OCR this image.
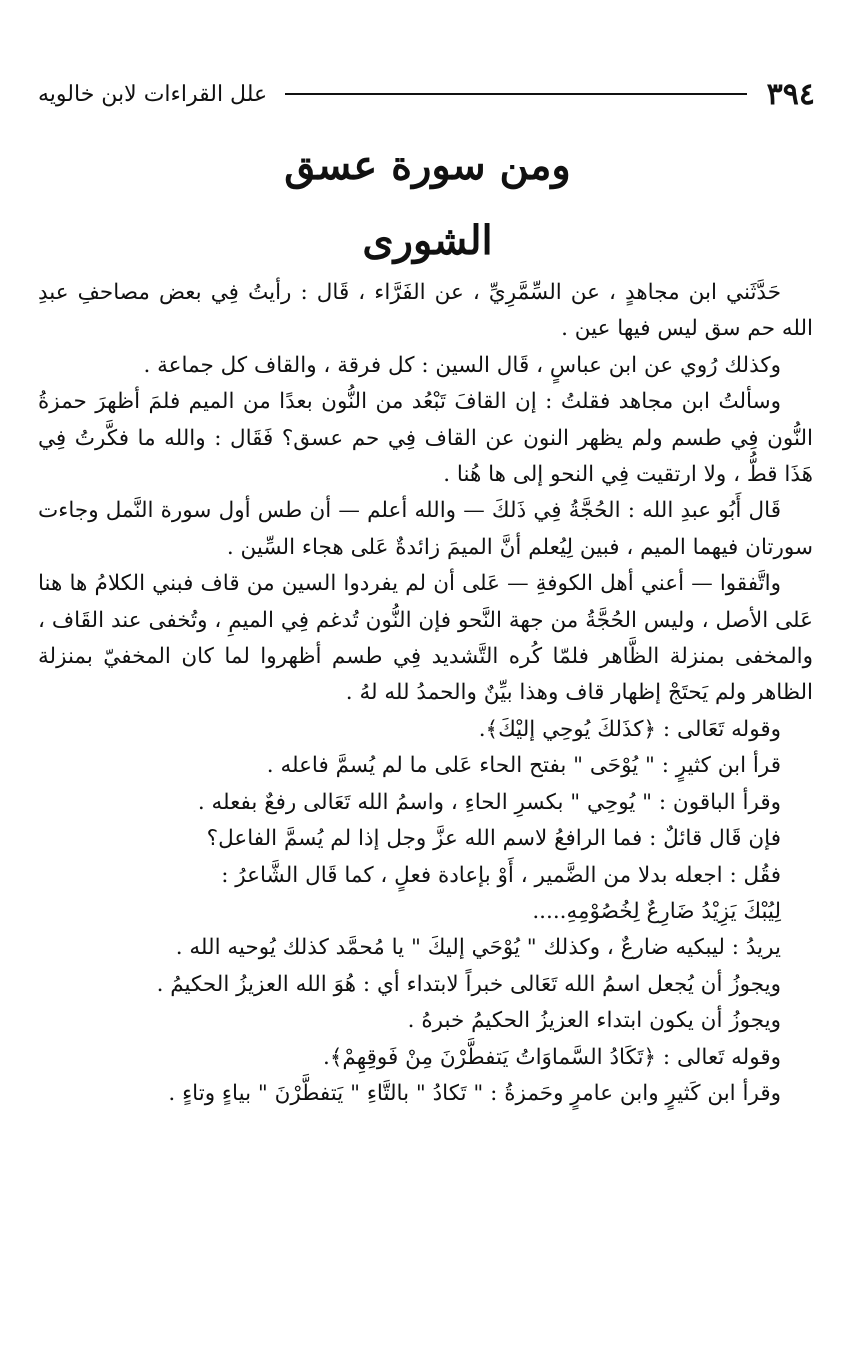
٣٩٤
علل القراءات لابن خالويه
ومن سورة عسق
الشورى

حَدَّثَني ابن مجاهدٍ ، عن السِّمَّرِيِّ ، عن الفَرَّاء ، قَال : رأيتُ فِي بعض مصاحفِ عبدِ الله حم سق ليس فيها عين .

وكذلك رُوي عن ابن عباسٍ ، قَال السين : كل فرقة ، والقاف كل جماعة .

وسألتُ ابن مجاهد فقلتُ : إن القافَ تَبْعُد من النُّون بعدًا من الميم فلمَ أظهرَ حمزةُ النُّون فِي طسم ولم يظهر النون عن القاف فِي حم عسق؟ فَقَال : والله ما فكَّرتُ فِي هَذَا قطُّ ، ولا ارتقيت فِي النحو إلى ها هُنا .

قَال أَبُو عبدِ الله : الحُجَّةُ فِي ذَلكَ — والله أعلم — أن طس أول سورة النَّمل وجاءت سورتان فيهما الميم ، فبين لِيُعلم أنَّ الميمَ زائدةٌ عَلى هجاء السِّين .

واتَّفقوا — أعني أهل الكوفةِ — عَلى أن لم يفردوا السين من قاف فبني الكلامُ ها هنا عَلى الأصل ، وليس الحُجَّةُ من جهة النَّحو فإن النُّون تُدغم فِي الميمِ ، وتُخفى عند القَاف ، والمخفى بمنزلة الظَّاهر فلمّا كُره التَّشديد فِي طسم أظهروا لما كان المخفيّ بمنزلة الظاهر ولم يَحتَجْ إظهار قاف وهذا بيِّنٌ والحمدُ لله لهُ .

وقوله تَعَالى : ﴿كذَلكَ يُوحِي إليْكَ﴾.

قرأ ابن كثيرٍ : " يُوْحَى " بفتح الحاء عَلى ما لم يُسمَّ فاعله .

وقرأ الباقون : " يُوحِي " بكسرِ الحاءِ ، واسمُ الله تَعَالى رفعٌ بفعله .

فإن قَال قائلٌ : فما الرافعُ لاسم الله عزَّ وجل إذا لم يُسمَّ الفاعل؟

فقُل : اجعله بدلا من الضَّمير ، أَوْ بإعادة فعلٍ ، كما قَال الشَّاعرُ :

لِيُبْكَ يَزِيْدُ ضَارِعٌ لِخُصُوْمِهِ.....

يريدُ : ليبكيه ضارعٌ ، وكذلك " يُوْحَي إليكَ " يا مُحمَّد كذلك يُوحيه الله .

ويجوزُ أن يُجعل اسمُ الله تَعَالى خبراً لابتداء أي : هُوَ الله العزيزُ الحكيمُ .

ويجوزُ أن يكون ابتداء العزيزُ الحكيمُ خبرهُ .

وقوله تَعالى : ﴿تَكَادُ السَّماوَاتُ يَتفطَّرْنَ مِنْ فَوقِهِمْ﴾.

وقرأ ابن كَثيرٍ وابن عامرٍ وحَمزةُ : " تَكادُ " بالتَّاءِ " يَتفطَّرْنَ " بياءٍ وتاءٍ .
